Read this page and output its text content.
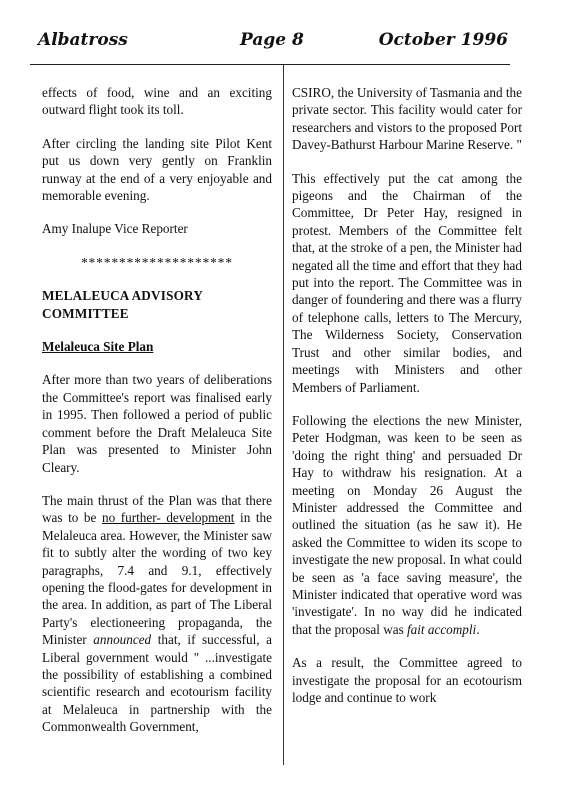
Albatross	Page 8	October 1996

effects of food, wine and an exciting outward flight took its toll.

After circling the landing site Pilot Kent put us down very gently on Franklin runway at the end of a very enjoyable and memorable evening.

Amy Inalupe Vice Reporter

********************

MELALEUCA ADVISORY COMMITTEE

Melaleuca Site Plan

After more than two years of deliberations the Committee's report was finalised early in 1995. Then followed a period of public comment before the Draft Melaleuca Site Plan was presented to Minister John Cleary.

The main thrust of the Plan was that there was to be no further- development in the Melaleuca area. However, the Minister saw fit to subtly alter the wording of two key paragraphs, 7.4 and 9.1, effectively opening the flood-gates for development in the area. In addition, as part of The Liberal Party's electioneering propaganda, the Minister announced that, if successful, a Liberal government would " ...investigate the possibility of establishing a combined scientific research and ecotourism facility at Melaleuca in partnership with the Commonwealth Government,

CSIRO, the University of Tasmania and the private sector. This facility would cater for researchers and vistors to the proposed Port Davey-Bathurst Harbour Marine Reserve. "

This effectively put the cat among the pigeons and the Chairman of the Committee, Dr Peter Hay, resigned in protest. Members of the Committee felt that, at the stroke of a pen, the Minister had negated all the time and effort that they had put into the report. The Committee was in danger of foundering and there was a flurry of telephone calls, letters to The Mercury, The Wilderness Society, Conservation Trust and other similar bodies, and meetings with Ministers and other Members of Parliament.

Following the elections the new Minister, Peter Hodgman, was keen to be seen as 'doing the right thing' and persuaded Dr Hay to withdraw his resignation. At a meeting on Monday 26 August the Minister addressed the Committee and outlined the situation (as he saw it). He asked the Committee to widen its scope to investigate the new proposal. In what could be seen as 'a face saving measure', the Minister indicated that operative word was 'investigate'. In no way did he indicated that the proposal was fait accompli.

As a result, the Committee agreed to investigate the proposal for an ecotourism lodge and continue to work
